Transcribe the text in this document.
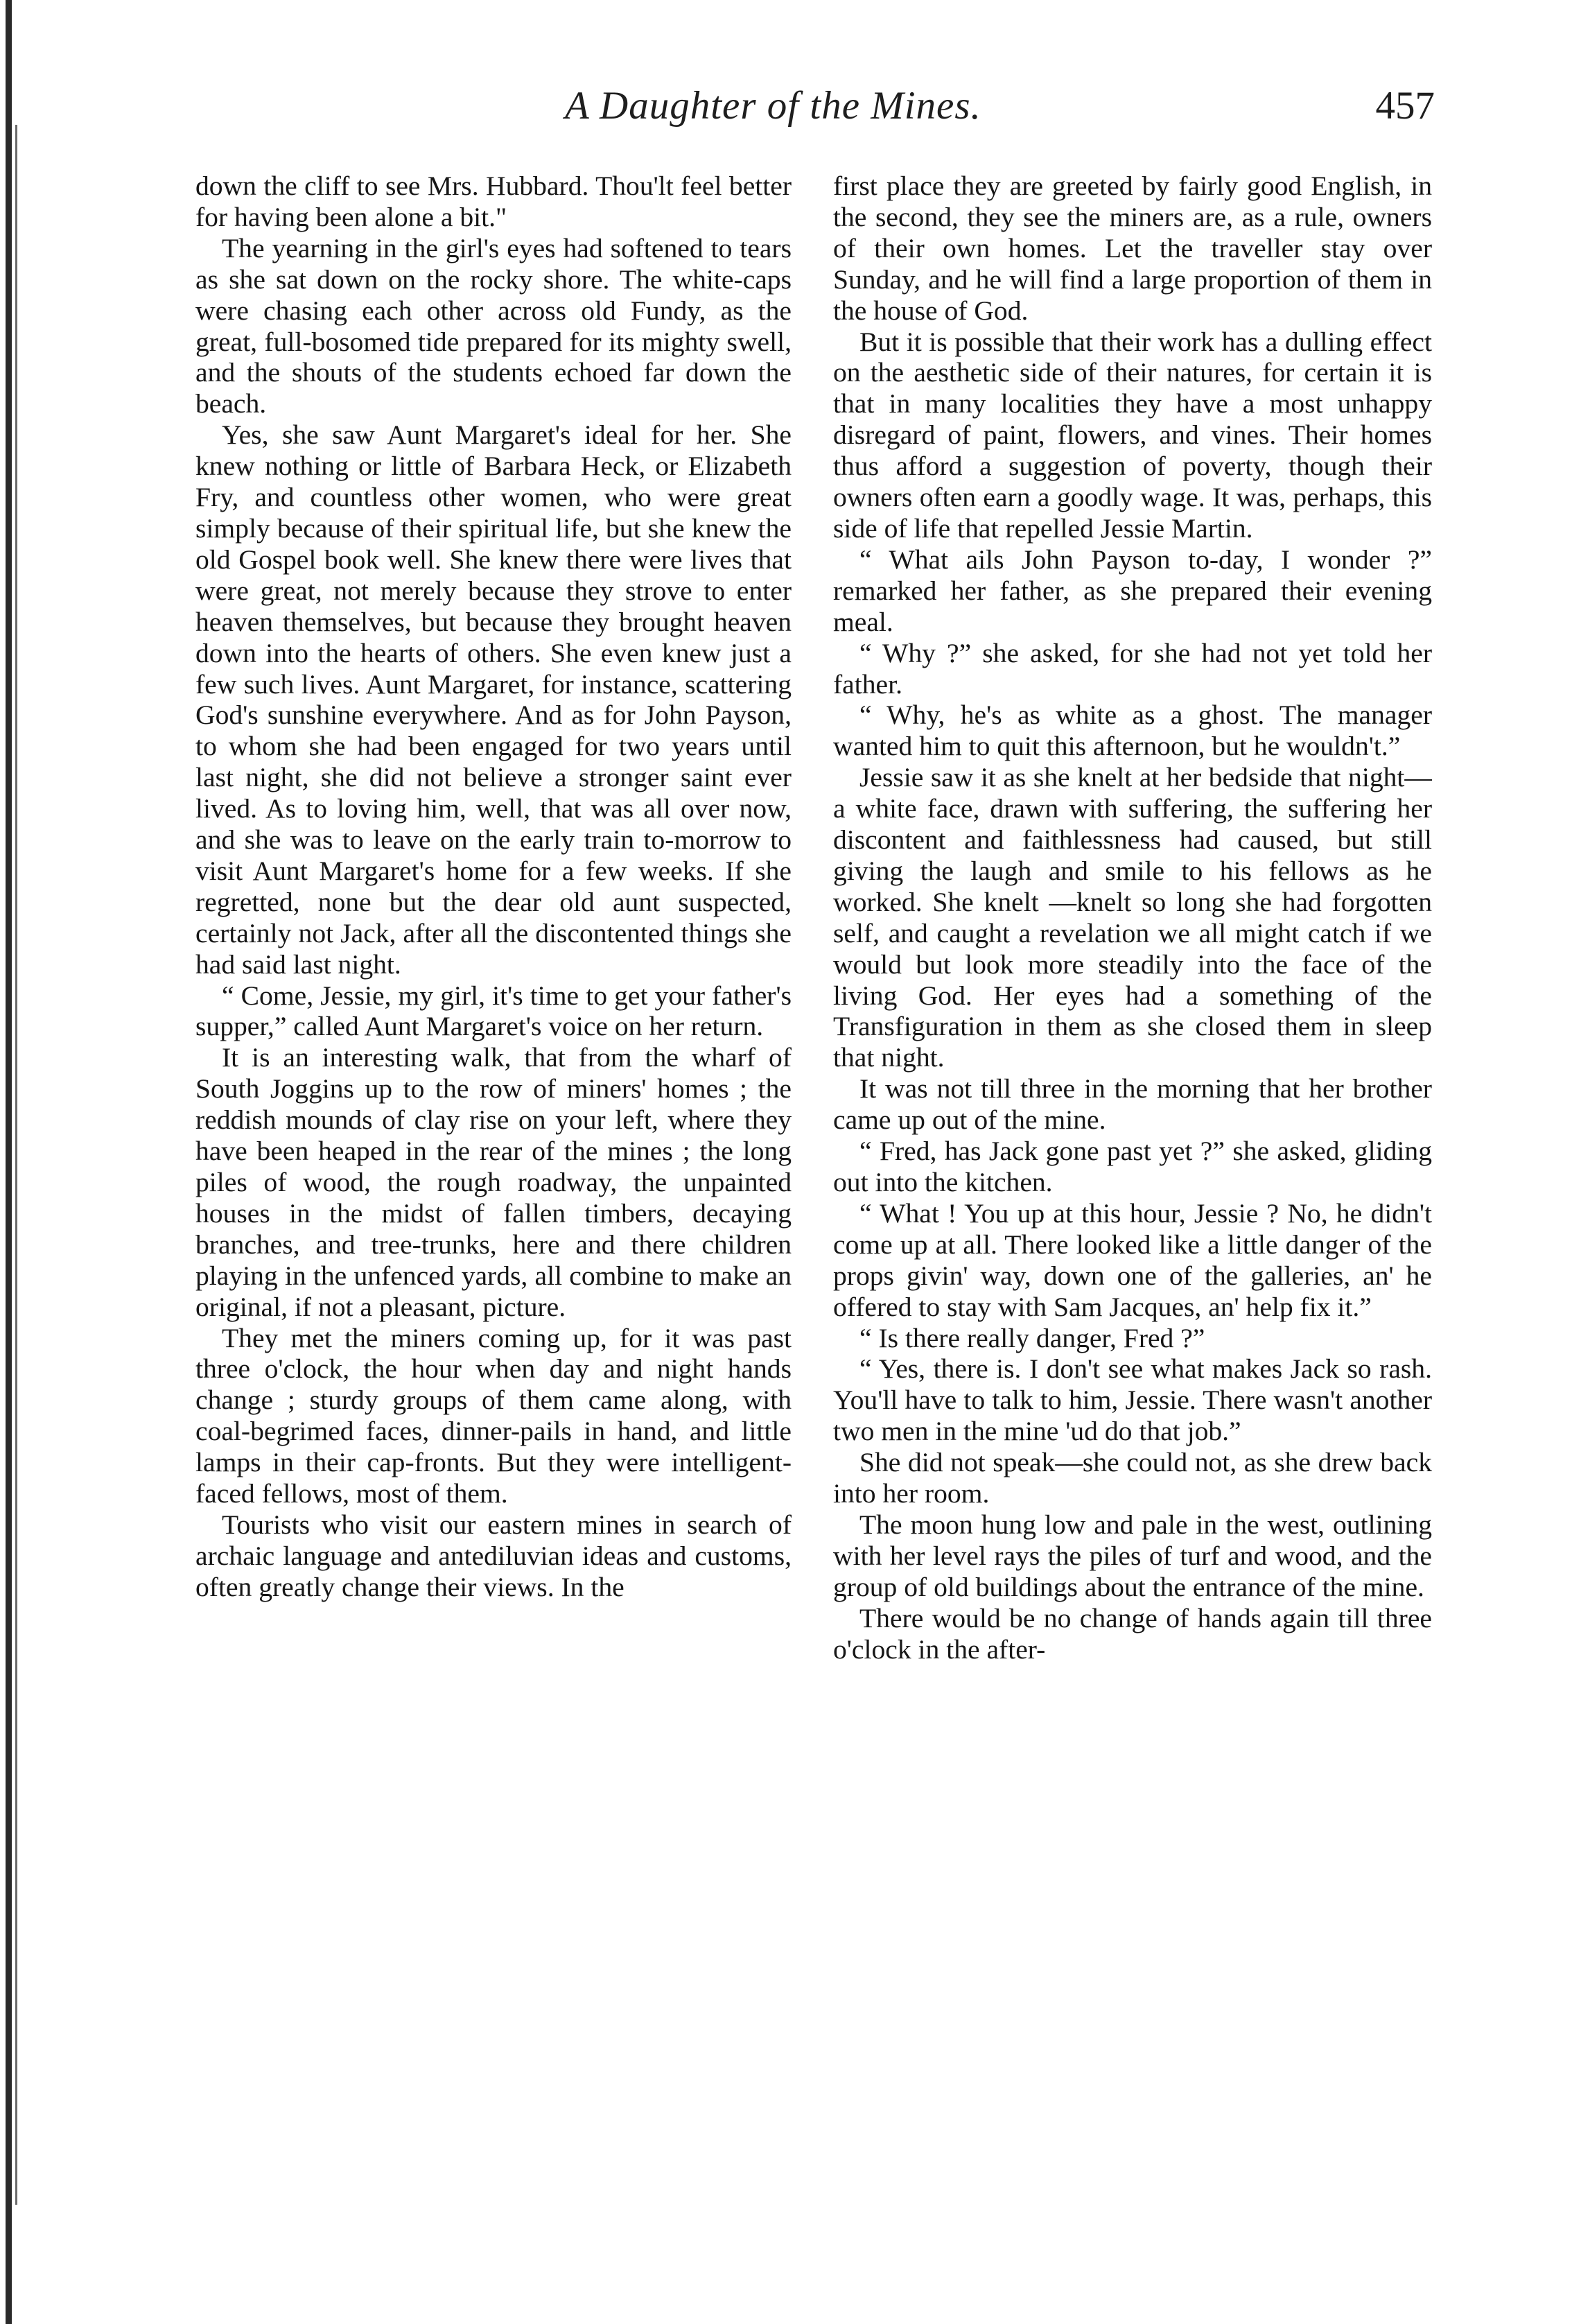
A Daughter of the Mines.	457

down the cliff to see Mrs. Hubbard. Thou'lt feel better for having been alone a bit."

The yearning in the girl's eyes had softened to tears as she sat down on the rocky shore. The white-caps were chasing each other across old Fundy, as the great, full-bosomed tide prepared for its mighty swell, and the shouts of the students echoed far down the beach.

Yes, she saw Aunt Margaret's ideal for her. She knew nothing or little of Barbara Heck, or Elizabeth Fry, and countless other women, who were great simply because of their spiritual life, but she knew the old Gospel book well. She knew there were lives that were great, not merely because they strove to enter heaven themselves, but because they brought heaven down into the hearts of others. She even knew just a few such lives. Aunt Margaret, for instance, scattering God's sunshine everywhere. And as for John Payson, to whom she had been engaged for two years until last night, she did not believe a stronger saint ever lived. As to loving him, well, that was all over now, and she was to leave on the early train to-morrow to visit Aunt Margaret's home for a few weeks. If she regretted, none but the dear old aunt suspected, certainly not Jack, after all the discontented things she had said last night.

“ Come, Jessie, my girl, it's time to get your father's supper,” called Aunt Margaret's voice on her return.

It is an interesting walk, that from the wharf of South Joggins up to the row of miners' homes ; the reddish mounds of clay rise on your left, where they have been heaped in the rear of the mines ; the long piles of wood, the rough roadway, the unpainted houses in the midst of fallen timbers, decaying branches, and tree-trunks, here and there children playing in the unfenced yards, all combine to make an original, if not a pleasant, picture.

They met the miners coming up, for it was past three o'clock, the hour when day and night hands change ; sturdy groups of them came along, with coal-begrimed faces, dinner-pails in hand, and little lamps in their cap-fronts. But they were intelligent-faced fellows, most of them.

Tourists who visit our eastern mines in search of archaic language and antediluvian ideas and customs, often greatly change their views. In the

first place they are greeted by fairly good English, in the second, they see the miners are, as a rule, owners of their own homes. Let the traveller stay over Sunday, and he will find a large proportion of them in the house of God.

But it is possible that their work has a dulling effect on the aesthetic side of their natures, for certain it is that in many localities they have a most unhappy disregard of paint, flowers, and vines. Their homes thus afford a suggestion of poverty, though their owners often earn a goodly wage. It was, perhaps, this side of life that repelled Jessie Martin.

“ What ails John Payson to-day, I wonder ?” remarked her father, as she prepared their evening meal.

“ Why ?” she asked, for she had not yet told her father.

“ Why, he's as white as a ghost. The manager wanted him to quit this afternoon, but he wouldn't.”

Jessie saw it as she knelt at her bedside that night—a white face, drawn with suffering, the suffering her discontent and faithlessness had caused, but still giving the laugh and smile to his fellows as he worked. She knelt —knelt so long she had forgotten self, and caught a revelation we all might catch if we would but look more steadily into the face of the living God. Her eyes had a something of the Transfiguration in them as she closed them in sleep that night.

It was not till three in the morning that her brother came up out of the mine.

“ Fred, has Jack gone past yet ?” she asked, gliding out into the kitchen.

“ What ! You up at this hour, Jessie ? No, he didn't come up at all. There looked like a little danger of the props givin' way, down one of the galleries, an' he offered to stay with Sam Jacques, an' help fix it.”

“ Is there really danger, Fred ?”

“ Yes, there is. I don't see what makes Jack so rash. You'll have to talk to him, Jessie. There wasn't another two men in the mine 'ud do that job.”

She did not speak—she could not, as she drew back into her room.

The moon hung low and pale in the west, outlining with her level rays the piles of turf and wood, and the group of old buildings about the entrance of the mine.

There would be no change of hands again till three o'clock in the after-
